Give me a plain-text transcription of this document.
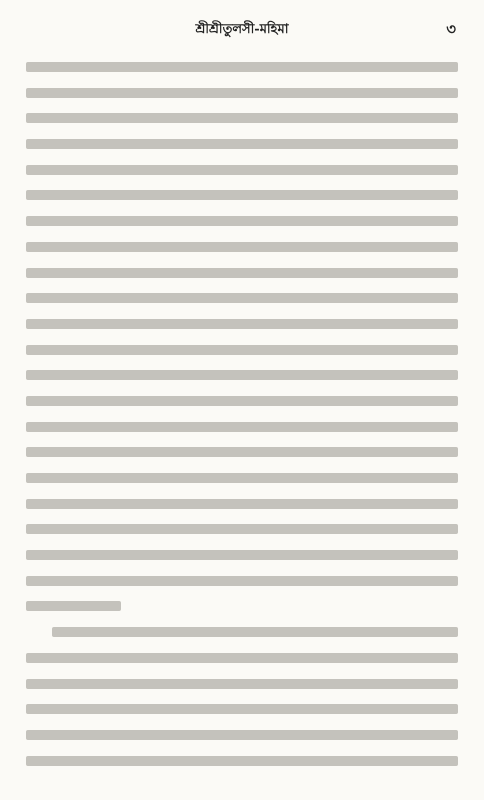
শ্রীশ্রীতুলসী-মহিমা	৩
